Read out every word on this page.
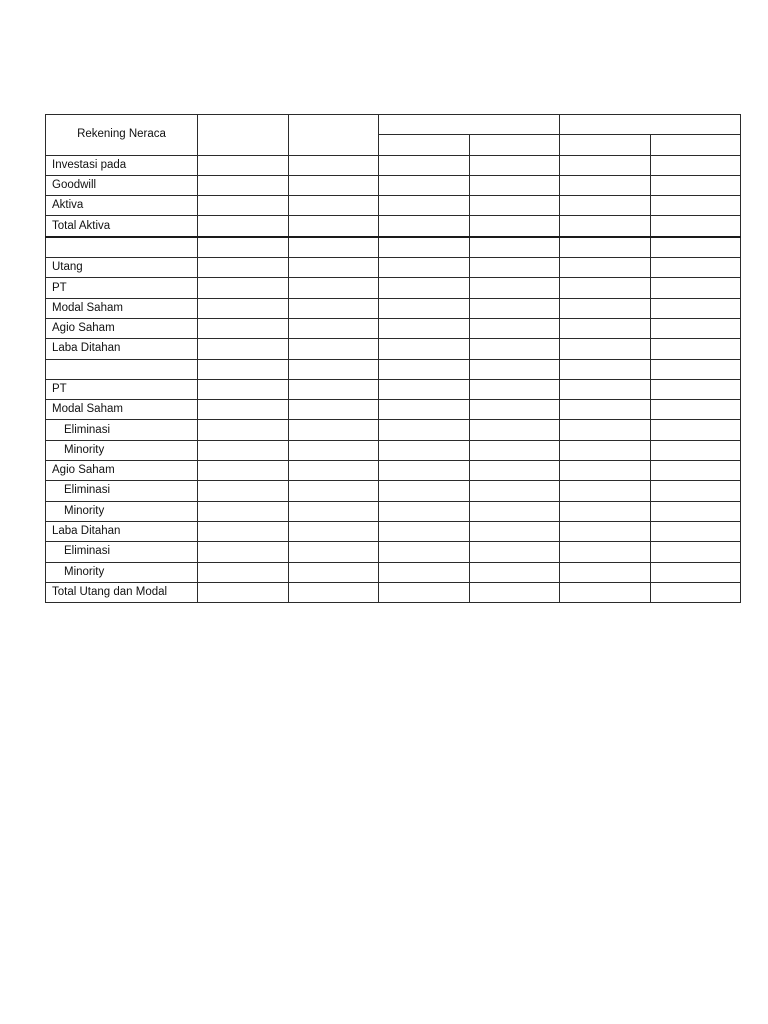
Rekening Neraca						

Investasi pada						
Goodwill						
Aktiva						
Total Aktiva						

Utang						
PT						
Modal Saham						
Agio Saham						
Laba Ditahan						

PT						
Modal Saham						
Eliminasi						
Minority						
Agio Saham						
Eliminasi						
Minority						
Laba Ditahan						
Eliminasi						
Minority						
Total Utang dan Modal						
